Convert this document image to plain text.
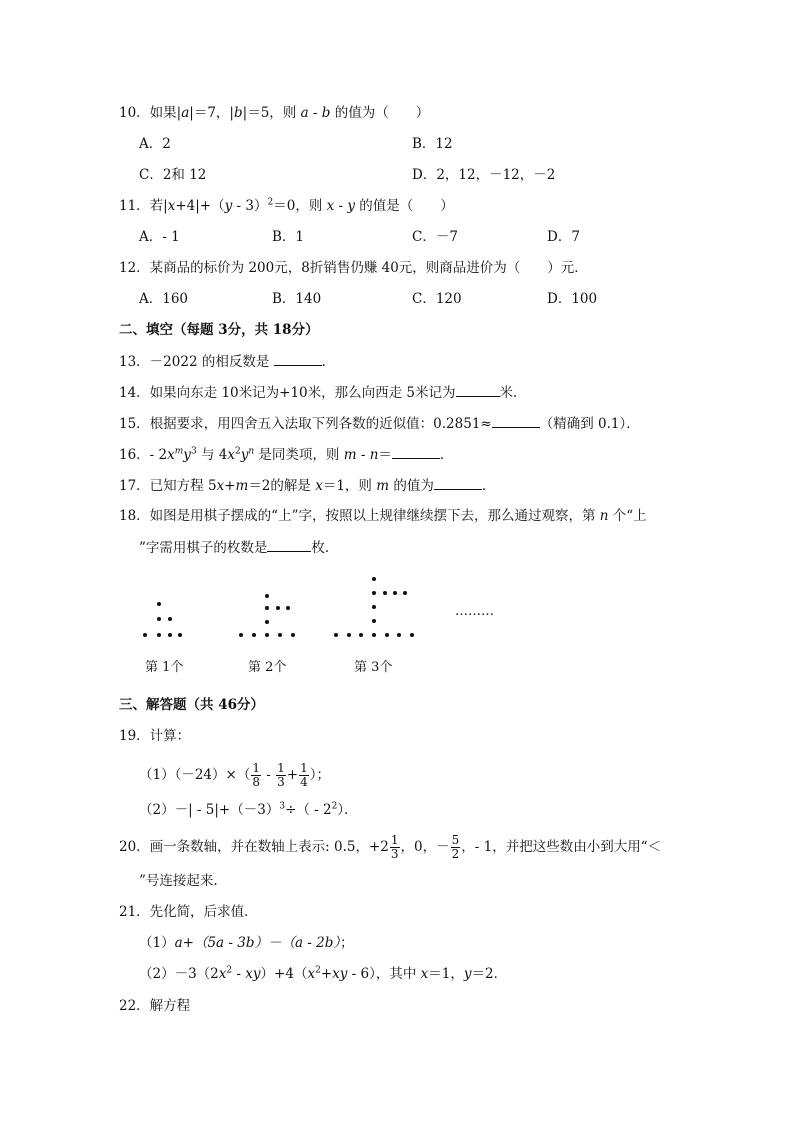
10．如果|a|＝7，|b|＝5，则 a - b 的值为（　　）
A．2	B．12
C．2和 12	D．2，12，－12，－2
11．若|x+4|+（y - 3）$^2$＝0，则 x - y 的值是（　　）
A．- 1	B．1	C．－7	D．7
12．某商品的标价为 200元，8折销售仍赚 40元，则商品进价为（　　）元．
A．160	B．140	C．120	D．100
二、填空（每题 3分，共 18分）
13．－2022 的相反数是	．
14．如果向东走 10米记为+10米，那么向西走 5米记为	米．
15．根据要求，用四舍五入法取下列各数的近似值：0.2851≈	（精确到 0.1）．
16．- $2x^my^3$ 与 $4x^2y^n$ 是同类项，则 m - n＝	．
17．已知方程 5x+m＝2的解是 x＝1，则 m 的值为	．
18．如图是用棋子摆成的“上”字，按照以上规律继续摆下去，那么通过观察，第 n 个“上
”字需用棋子的枚数是	枚．
………
第 1个	第 2个	第 3个
三、解答题（共 46分）
19．计算：
$(1)(-24)\times( \frac{1}{8} - \frac{1}{3} + \frac{1}{4}$ ）；
$(2)-| - 5|+(-3)^3\div( - 2^2)$．
20．画一条数轴，并在数轴上表示: 0.5，$+2 \frac{1}{3}$ ，0，－ $\frac{5}{2}$ ，- 1，并把这些数由小到大用“＜
”号连接起来.
21．先化简，后求值．
（1）a+（5a - 3b）－（a - 2b）；
$(2)-3(2x^2 - xy)+4(x^2+xy - 6)$，其中 x＝1，y＝2．
22．解方程
